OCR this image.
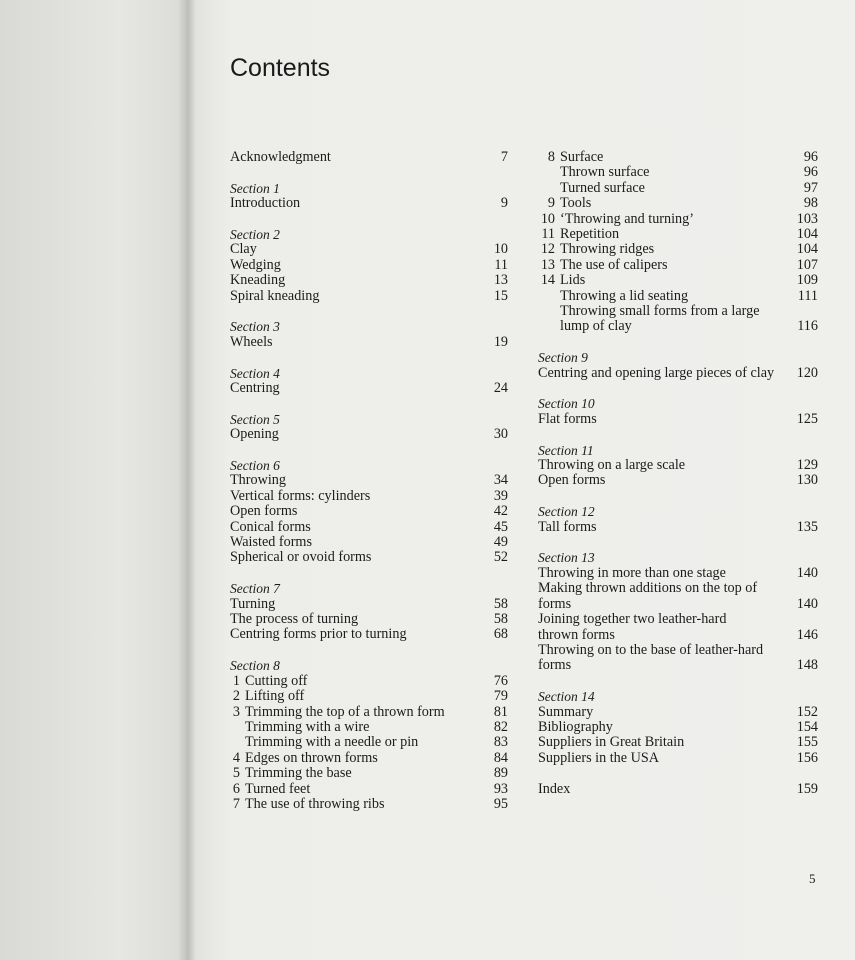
Contents
Acknowledgment	7
Section 1
Introduction	9
Section 2
Clay	10
Wedging	11
Kneading	13
Spiral kneading	15
Section 3
Wheels	19
Section 4
Centring	24
Section 5
Opening	30
Section 6
Throwing	34
Vertical forms: cylinders	39
Open forms	42
Conical forms	45
Waisted forms	49
Spherical or ovoid forms	52
Section 7
Turning	58
The process of turning	58
Centring forms prior to turning	68
Section 8
1 Cutting off	76
2 Lifting off	79
3 Trimming the top of a thrown form	81
Trimming with a wire	82
Trimming with a needle or pin	83
4 Edges on thrown forms	84
5 Trimming the base	89
6 Turned feet	93
7 The use of throwing ribs	95
8 Surface	96
Thrown surface	96
Turned surface	97
9 Tools	98
10 ‘Throwing and turning’	103
11 Repetition	104
12 Throwing ridges	104
13 The use of calipers	107
14 Lids	109
Throwing a lid seating	111
Throwing small forms from a large
lump of clay	116
Section 9
Centring and opening large pieces of clay	120
Section 10
Flat forms	125
Section 11
Throwing on a large scale	129
Open forms	130
Section 12
Tall forms	135
Section 13
Throwing in more than one stage	140
Making thrown additions on the top of
forms	140
Joining together two leather-hard
thrown forms	146
Throwing on to the base of leather-hard
forms	148
Section 14
Summary	152
Bibliography	154
Suppliers in Great Britain	155
Suppliers in the USA	156
Index	159
5
